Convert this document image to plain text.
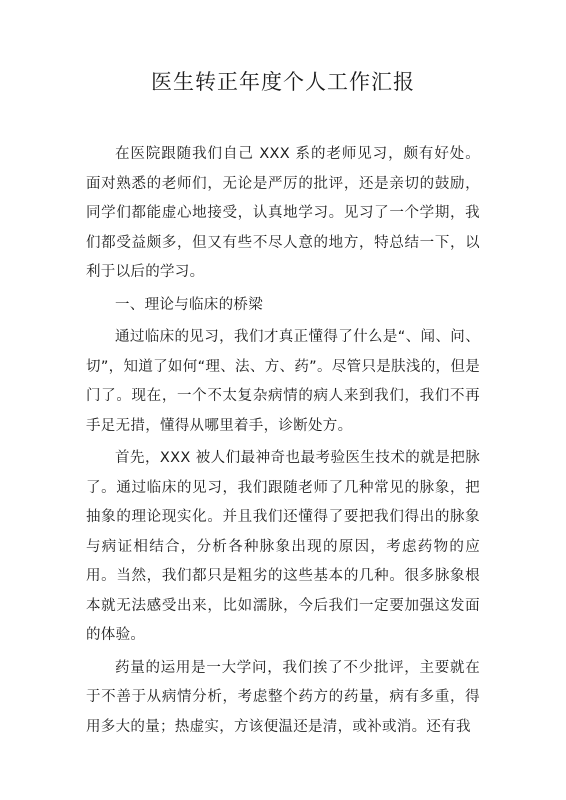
医生转正年度个人工作汇报

在医院跟随我们自己 XXX 系的老师见习，颇有好处。面对熟悉的老师们，无论是严厉的批评，还是亲切的鼓励，同学们都能虚心地接受，认真地学习。见习了一个学期，我们都受益颇多，但又有些不尽人意的地方，特总结一下，以利于以后的学习。

一、理论与临床的桥梁

通过临床的见习，我们才真正懂得了什么是“、闻、问、切”，知道了如何“理、法、方、药”。尽管只是肤浅的，但是门了。现在，一个不太复杂病情的病人来到我们，我们不再手足无措，懂得从哪里着手，诊断处方。

首先，XXX 被人们最神奇也最考验医生技术的就是把脉了。通过临床的见习，我们跟随老师了几种常见的脉象，把抽象的理论现实化。并且我们还懂得了要把我们得出的脉象与病证相结合，分析各种脉象出现的原因，考虑药物的应用。当然，我们都只是粗劣的这些基本的几种。很多脉象根本就无法感受出来，比如濡脉，今后我们一定要加强这发面的体验。

药量的运用是一大学问，我们挨了不少批评，主要就在于不善于从病情分析，考虑整个药方的药量，病有多重，得用多大的量；热虚实，方该便温还是清，或补或消。还有我
